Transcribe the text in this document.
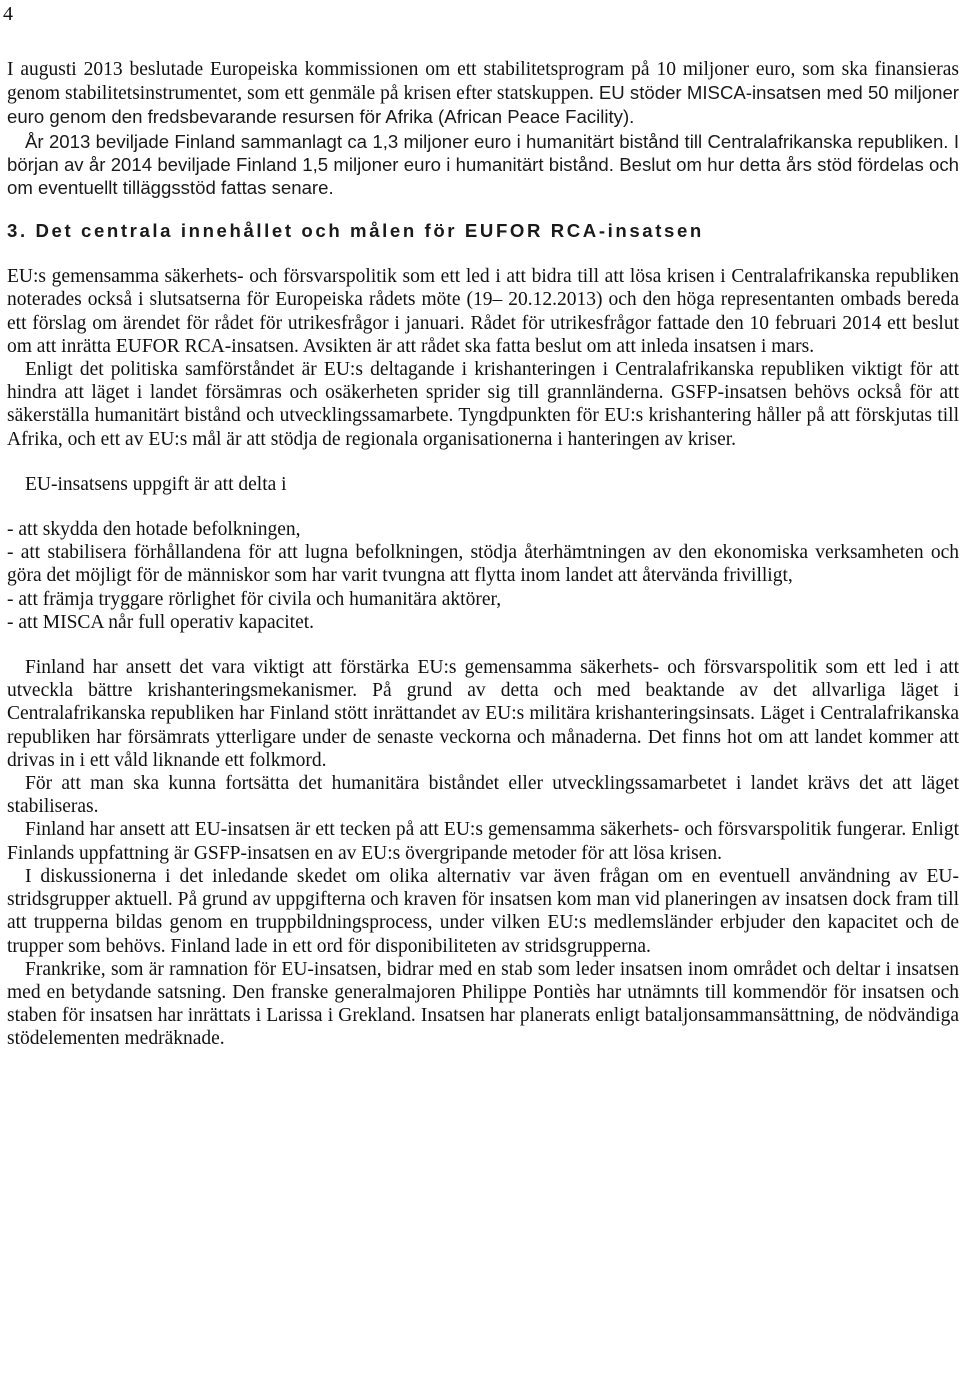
4

I augusti 2013 beslutade Europeiska kommissionen om ett stabilitetsprogram på 10 miljoner euro, som ska finansieras genom stabilitetsinstrumentet, som ett genmäle på krisen efter statskuppen. EU stöder MISCA-insatsen med 50 miljoner euro genom den fredsbevarande resursen för Afrika (African Peace Facility).

År 2013 beviljade Finland sammanlagt ca 1,3 miljoner euro i humanitärt bistånd till Centralafrikanska republiken. I början av år 2014 beviljade Finland 1,5 miljoner euro i humanitärt bistånd. Beslut om hur detta års stöd fördelas och om eventuellt tilläggsstöd fattas senare.

3. Det centrala innehållet och målen för EUFOR RCA-insatsen

EU:s gemensamma säkerhets- och försvarspolitik som ett led i att bidra till att lösa krisen i Centralafrikanska republiken noterades också i slutsatserna för Europeiska rådets möte (19– 20.12.2013) och den höga representanten ombads bereda ett förslag om ärendet för rådet för utrikesfrågor i januari. Rådet för utrikesfrågor fattade den 10 februari 2014 ett beslut om att inrätta EUFOR RCA-insatsen. Avsikten är att rådet ska fatta beslut om att inleda insatsen i mars.

Enligt det politiska samförståndet är EU:s deltagande i krishanteringen i Centralafrikanska republiken viktigt för att hindra att läget i landet försämras och osäkerheten sprider sig till grannländerna. GSFP-insatsen behövs också för att säkerställa humanitärt bistånd och utvecklingssamarbete. Tyngdpunkten för EU:s krishantering håller på att förskjutas till Afrika, och ett av EU:s mål är att stödja de regionala organisationerna i hanteringen av kriser.

EU-insatsens uppgift är att delta i

- att skydda den hotade befolkningen,
- att stabilisera förhållandena för att lugna befolkningen, stödja återhämtningen av den ekonomiska verksamheten och göra det möjligt för de människor som har varit tvungna att flytta inom landet att återvända frivilligt,
- att främja tryggare rörlighet för civila och humanitära aktörer,
- att MISCA når full operativ kapacitet.

Finland har ansett det vara viktigt att förstärka EU:s gemensamma säkerhets- och försvarspolitik som ett led i att utveckla bättre krishanteringsmekanismer. På grund av detta och med beaktande av det allvarliga läget i Centralafrikanska republiken har Finland stött inrättandet av EU:s militära krishanteringsinsats. Läget i Centralafrikanska republiken har försämrats ytterligare under de senaste veckorna och månaderna. Det finns hot om att landet kommer att drivas in i ett våld liknande ett folkmord.

För att man ska kunna fortsätta det humanitära biståndet eller utvecklingssamarbetet i landet krävs det att läget stabiliseras.

Finland har ansett att EU-insatsen är ett tecken på att EU:s gemensamma säkerhets- och försvarspolitik fungerar. Enligt Finlands uppfattning är GSFP-insatsen en av EU:s övergripande metoder för att lösa krisen.

I diskussionerna i det inledande skedet om olika alternativ var även frågan om en eventuell användning av EU-stridsgrupper aktuell. På grund av uppgifterna och kraven för insatsen kom man vid planeringen av insatsen dock fram till att trupperna bildas genom en truppbildningsprocess, under vilken EU:s medlemsländer erbjuder den kapacitet och de trupper som behövs. Finland lade in ett ord för disponibiliteten av stridsgrupperna.

Frankrike, som är ramnation för EU-insatsen, bidrar med en stab som leder insatsen inom området och deltar i insatsen med en betydande satsning. Den franske generalmajoren Philippe Pontiès har utnämnts till kommendör för insatsen och staben för insatsen har inrättats i Larissa i Grekland. Insatsen har planerats enligt bataljonsammansättning, de nödvändiga stödelementen medräknade.
